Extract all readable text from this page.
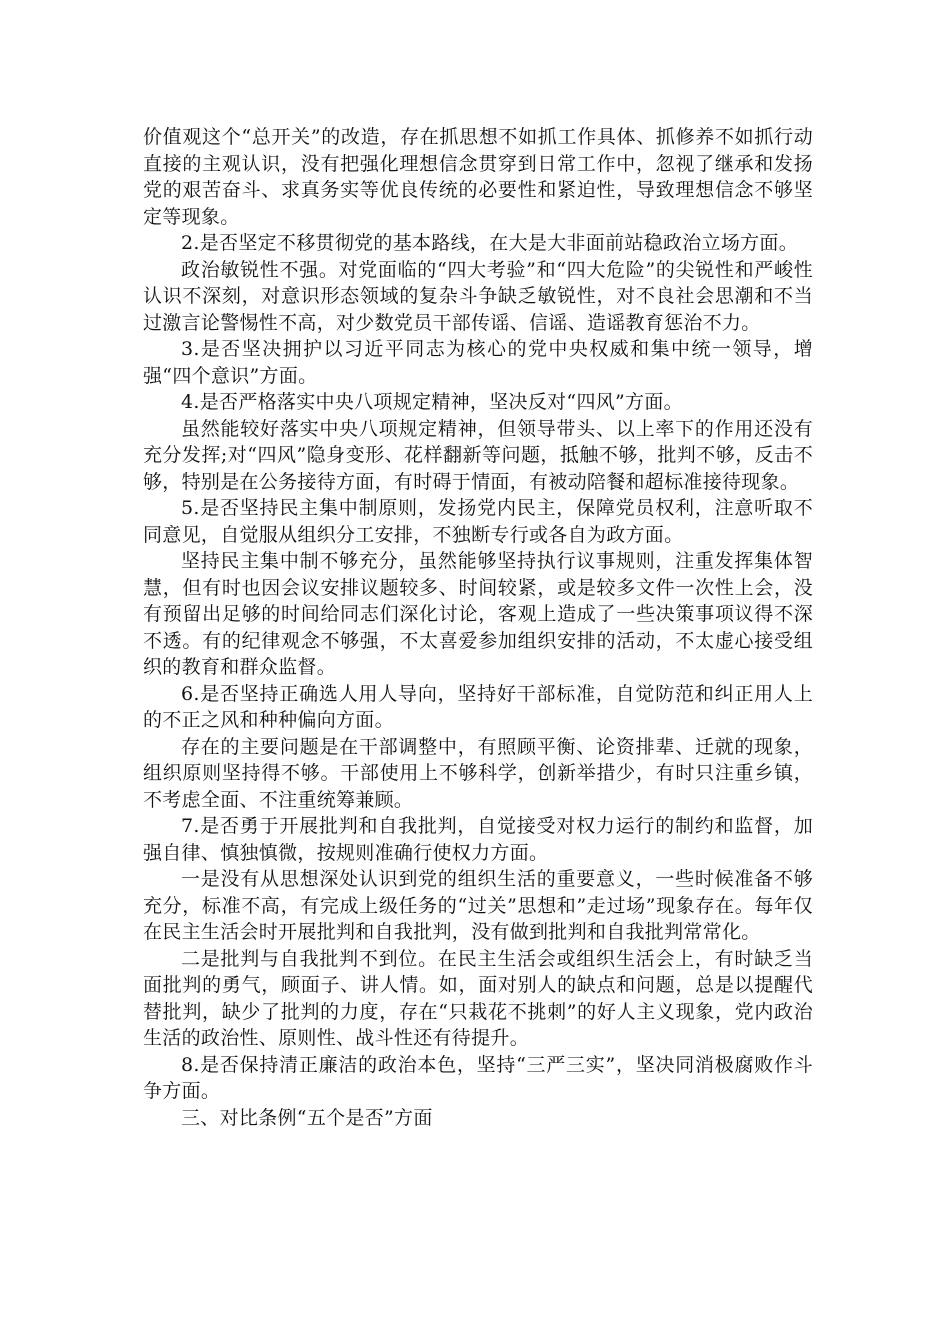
价值观这个“总开关”的改造，存在抓思想不如抓工作具体、抓修养不如抓行动直接的主观认识，没有把强化理想信念贯穿到日常工作中，忽视了继承和发扬党的艰苦奋斗、求真务实等优良传统的必要性和紧迫性，导致理想信念不够坚定等现象。

2.是否坚定不移贯彻党的基本路线，在大是大非面前站稳政治立场方面。

政治敏锐性不强。对党面临的“四大考验”和“四大危险”的尖锐性和严峻性认识不深刻，对意识形态领域的复杂斗争缺乏敏锐性，对不良社会思潮和不当过激言论警惕性不高，对少数党员干部传谣、信谣、造谣教育惩治不力。

3.是否坚决拥护以习近平同志为核心的党中央权威和集中统一领导，增强“四个意识”方面。

4.是否严格落实中央八项规定精神，坚决反对“四风”方面。

虽然能较好落实中央八项规定精神，但领导带头、以上率下的作用还没有充分发挥;对“四风”隐身变形、花样翻新等问题，抵触不够，批判不够，反击不够，特别是在公务接待方面，有时碍于情面，有被动陪餐和超标准接待现象。

5.是否坚持民主集中制原则，发扬党内民主，保障党员权利，注意听取不同意见，自觉服从组织分工安排，不独断专行或各自为政方面。

坚持民主集中制不够充分，虽然能够坚持执行议事规则，注重发挥集体智慧，但有时也因会议安排议题较多、时间较紧，或是较多文件一次性上会，没有预留出足够的时间给同志们深化讨论，客观上造成了一些决策事项议得不深不透。有的纪律观念不够强，不太喜爱参加组织安排的活动，不太虚心接受组织的教育和群众监督。

6.是否坚持正确选人用人导向，坚持好干部标准，自觉防范和纠正用人上的不正之风和种种偏向方面。

存在的主要问题是在干部调整中，有照顾平衡、论资排辈、迁就的现象，组织原则坚持得不够。干部使用上不够科学，创新举措少，有时只注重乡镇，不考虑全面、不注重统筹兼顾。

7.是否勇于开展批判和自我批判，自觉接受对权力运行的制约和监督，加强自律、慎独慎微，按规则准确行使权力方面。

一是没有从思想深处认识到党的组织生活的重要意义，一些时候准备不够充分，标准不高，有完成上级任务的“过关”思想和”走过场”现象存在。每年仅在民主生活会时开展批判和自我批判，没有做到批判和自我批判常常化。

二是批判与自我批判不到位。在民主生活会或组织生活会上，有时缺乏当面批判的勇气，顾面子、讲人情。如，面对别人的缺点和问题，总是以提醒代替批判，缺少了批判的力度，存在“只栽花不挑刺”的好人主义现象，党内政治生活的政治性、原则性、战斗性还有待提升。

8.是否保持清正廉洁的政治本色，坚持“三严三实”，坚决同消极腐败作斗争方面。

三、对比条例“五个是否”方面
